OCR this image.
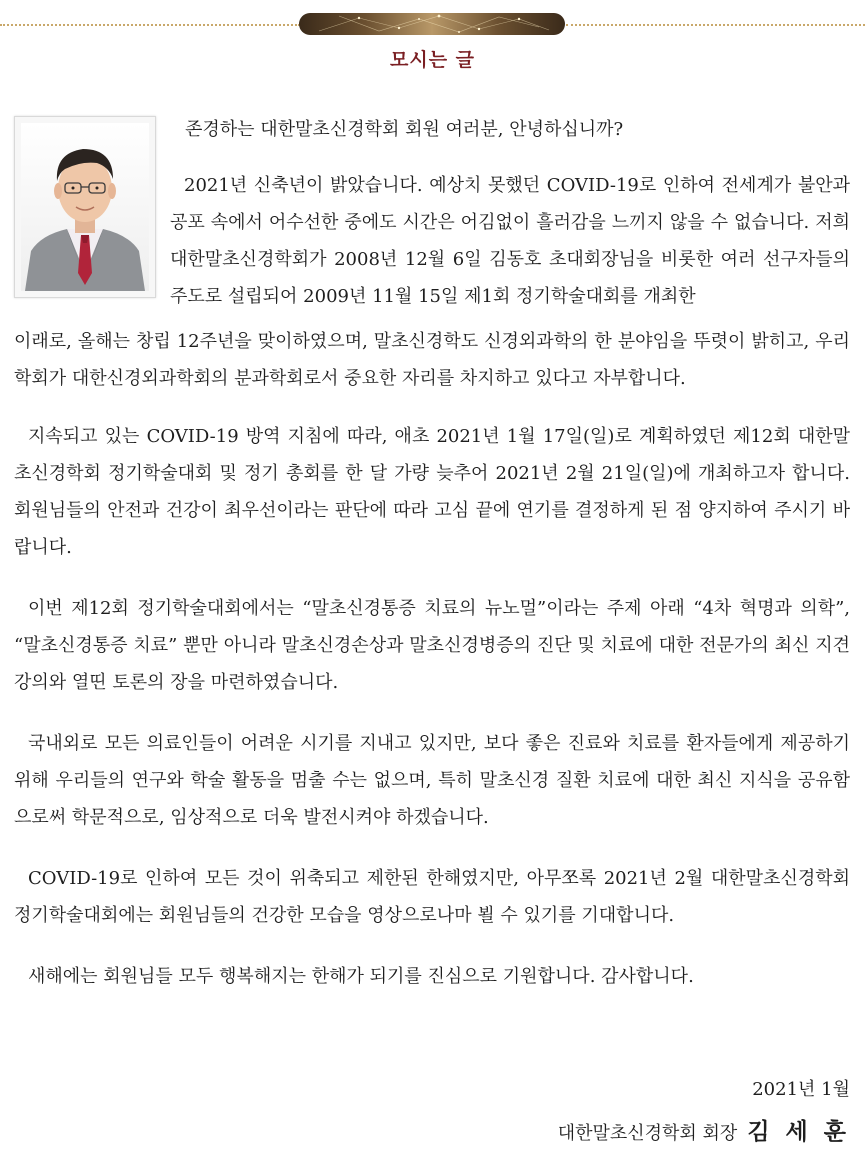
모시는 글

존경하는 대한말초신경학회 회원 여러분, 안녕하십니까?

2021년 신축년이 밝았습니다. 예상치 못했던 COVID-19로 인하여 전세계가 불안과 공포 속에서 어수선한 중에도 시간은 어김없이 흘러감을 느끼지 않을 수 없습니다. 저희 대한말초신경학회가 2008년 12월 6일 김동호 초대회장님을 비롯한 여러 선구자들의 주도로 설립되어 2009년 11월 15일 제1회 정기학술대회를 개최한

이래로, 올해는 창립 12주년을 맞이하였으며, 말초신경학도 신경외과학의 한 분야임을 뚜렷이 밝히고, 우리 학회가 대한신경외과학회의 분과학회로서 중요한 자리를 차지하고 있다고 자부합니다.

지속되고 있는 COVID-19 방역 지침에 따라, 애초 2021년 1월 17일(일)로 계획하였던 제12회 대한말초신경학회 정기학술대회 및 정기 총회를 한 달 가량 늦추어 2021년 2월 21일(일)에 개최하고자 합니다. 회원님들의 안전과 건강이 최우선이라는 판단에 따라 고심 끝에 연기를 결정하게 된 점 양지하여 주시기 바랍니다.

이번 제12회 정기학술대회에서는 “말초신경통증 치료의 뉴노멀”이라는 주제 아래 “4차 혁명과 의학”, “말초신경통증 치료” 뿐만 아니라 말초신경손상과 말초신경병증의 진단 및 치료에 대한 전문가의 최신 지견 강의와 열띤 토론의 장을 마련하였습니다.

국내외로 모든 의료인들이 어려운 시기를 지내고 있지만, 보다 좋은 진료와 치료를 환자들에게 제공하기 위해 우리들의 연구와 학술 활동을 멈출 수는 없으며, 특히 말초신경 질환 치료에 대한 최신 지식을 공유함으로써 학문적으로, 임상적으로 더욱 발전시켜야 하겠습니다.

COVID-19로 인하여 모든 것이 위축되고 제한된 한해였지만, 아무쪼록 2021년 2월 대한말초신경학회 정기학술대회에는 회원님들의 건강한 모습을 영상으로나마 뵐 수 있기를 기대합니다.

새해에는 회원님들 모두 행복해지는 한해가 되기를 진심으로 기원합니다. 감사합니다.

2021년 1월
대한말초신경학회 회장 김 세 훈
